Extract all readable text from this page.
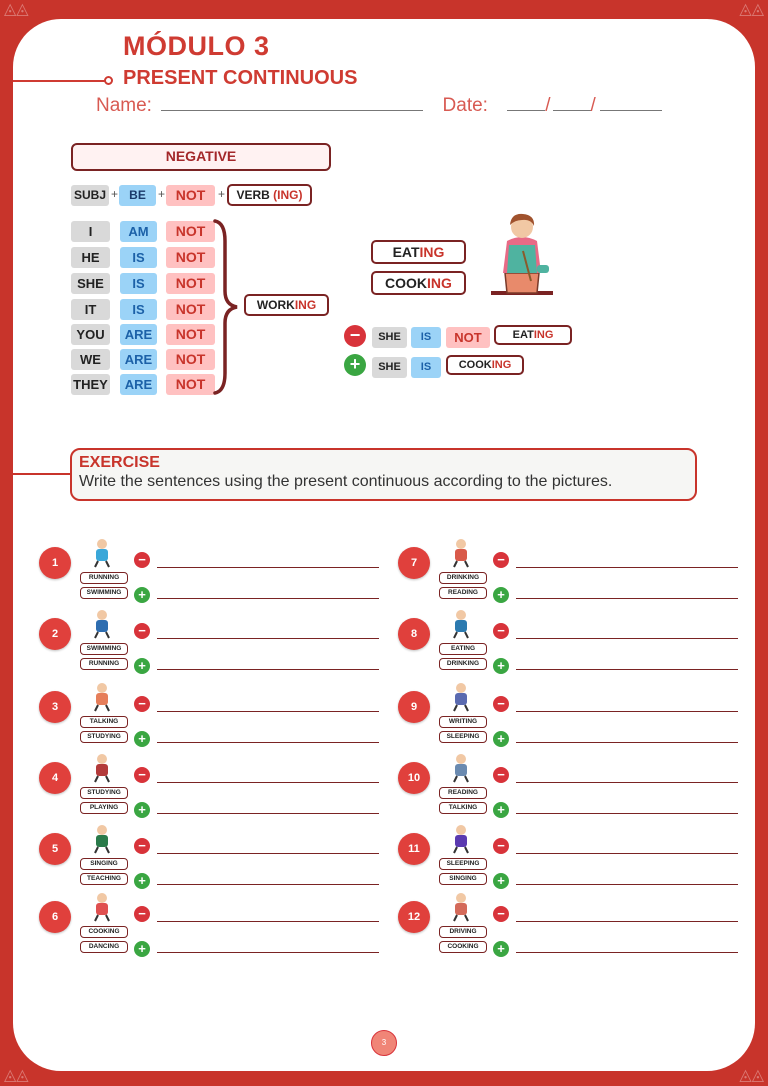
◬◬	◬◬
◬◬	◬◬
MÓDULO 3
PRESENT CONTINUOUS
Name:	Date:	/ /
NEGATIVE
SUBJ + BE	+ NOT	+ VERB (ING)
I	AM	NOT
HE	IS	NOT
SHE	IS	NOT
IT	IS	NOT
YOU	ARE	NOT
WE	ARE	NOT
THEY	ARE	NOT
WORKING
EATING
COOKING
−	SHE	IS	NOT	EATING
+	SHE	IS	COOKING
EXERCISE
Write the sentences using the present continuous according to the pictures.
1
RUNNING
SWIMMING
−
+
2
SWIMMING
RUNNING
−
+
3
TALKING
STUDYING
−
+
4
STUDYING
PLAYING
−
+
5
SINGING
TEACHING
−
+
6
COOKING
DANCING
−
+
7
DRINKING
READING
−
+
8
EATING
DRINKING
−
+
9
WRITING
SLEEPING
−
+
10
READING
TALKING
−
+
11
SLEEPING
SINGING
−
+
12
DRIVING
COOKING
−
+
3
